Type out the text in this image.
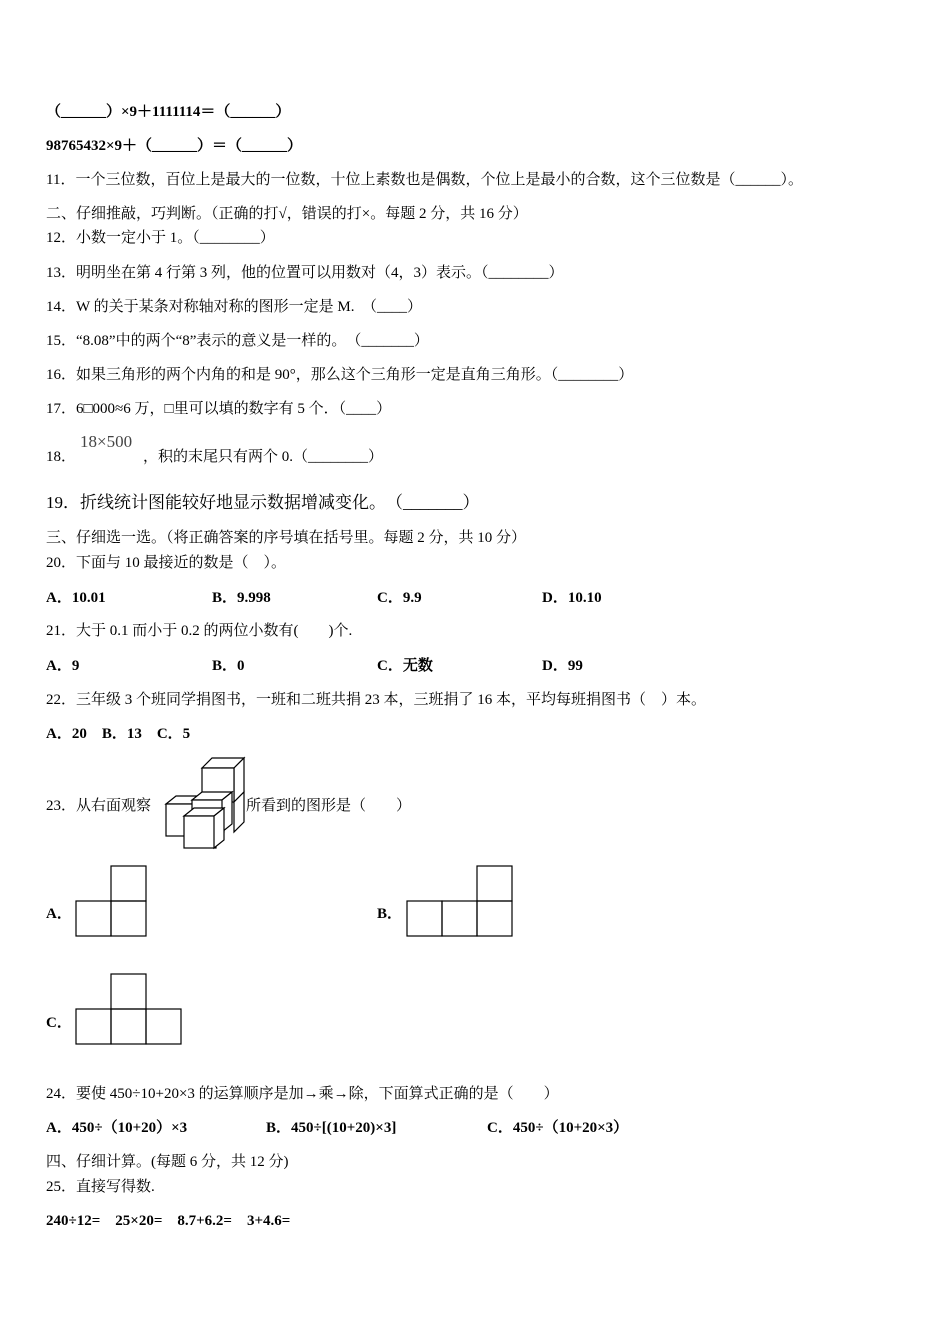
（______）×9＋1111114＝（______）
98765432×9＋（______）＝（______）
11．一个三位数，百位上是最大的一位数，十位上素数也是偶数，个位上是最小的合数，这个三位数是（______）。
二、仔细推敲，巧判断。（正确的打√，错误的打×。每题 2 分，共 16 分）
12．小数一定小于 1。（________）
13．明明坐在第 4 行第 3 列，他的位置可以用数对（4，3）表示。（________）
14．W 的关于某条对称轴对称的图形一定是 M.　（____）
15．“8.08”中的两个“8”表示的意义是一样的。　（_______）
16．如果三角形的两个内角的和是 90°，那么这个三角形一定是直角三角形。（________）
17．6□000≈6 万，□里可以填的数字有 5 个．（____）
18．
18×500
，积的末尾只有两个 0.（________）
19．折线统计图能较好地显示数据增减变化。　（_______）
三、仔细选一选。（将正确答案的序号填在括号里。每题 2 分，共 10 分）
20．下面与 10 最接近的数是（　）。
A．10.01	B．9.998	C．9.9	D．10.10
21．大于 0.1 而小于 0.2 的两位小数有(　　)个.
A．9	B．0	C．无数	D．99
22．三年级 3 个班同学捐图书，一班和二班共捐 23 本，三班捐了 16 本，平均每班捐图书（　）本。
A．20　B．13　C．5
23．从右面观察	所看到的图形是（　　）
A．	B．
C．
24．要使 450÷10+20×3 的运算顺序是加→乘→除，下面算式正确的是（　　）
A．450÷（10+20）×3	B．450÷[(10+20)×3]	C．450÷（10+20×3）
四、仔细计算。(每题 6 分，共 12 分)
25．直接写得数.
240÷12=　25×20=　8.7+6.2=　3+4.6=
